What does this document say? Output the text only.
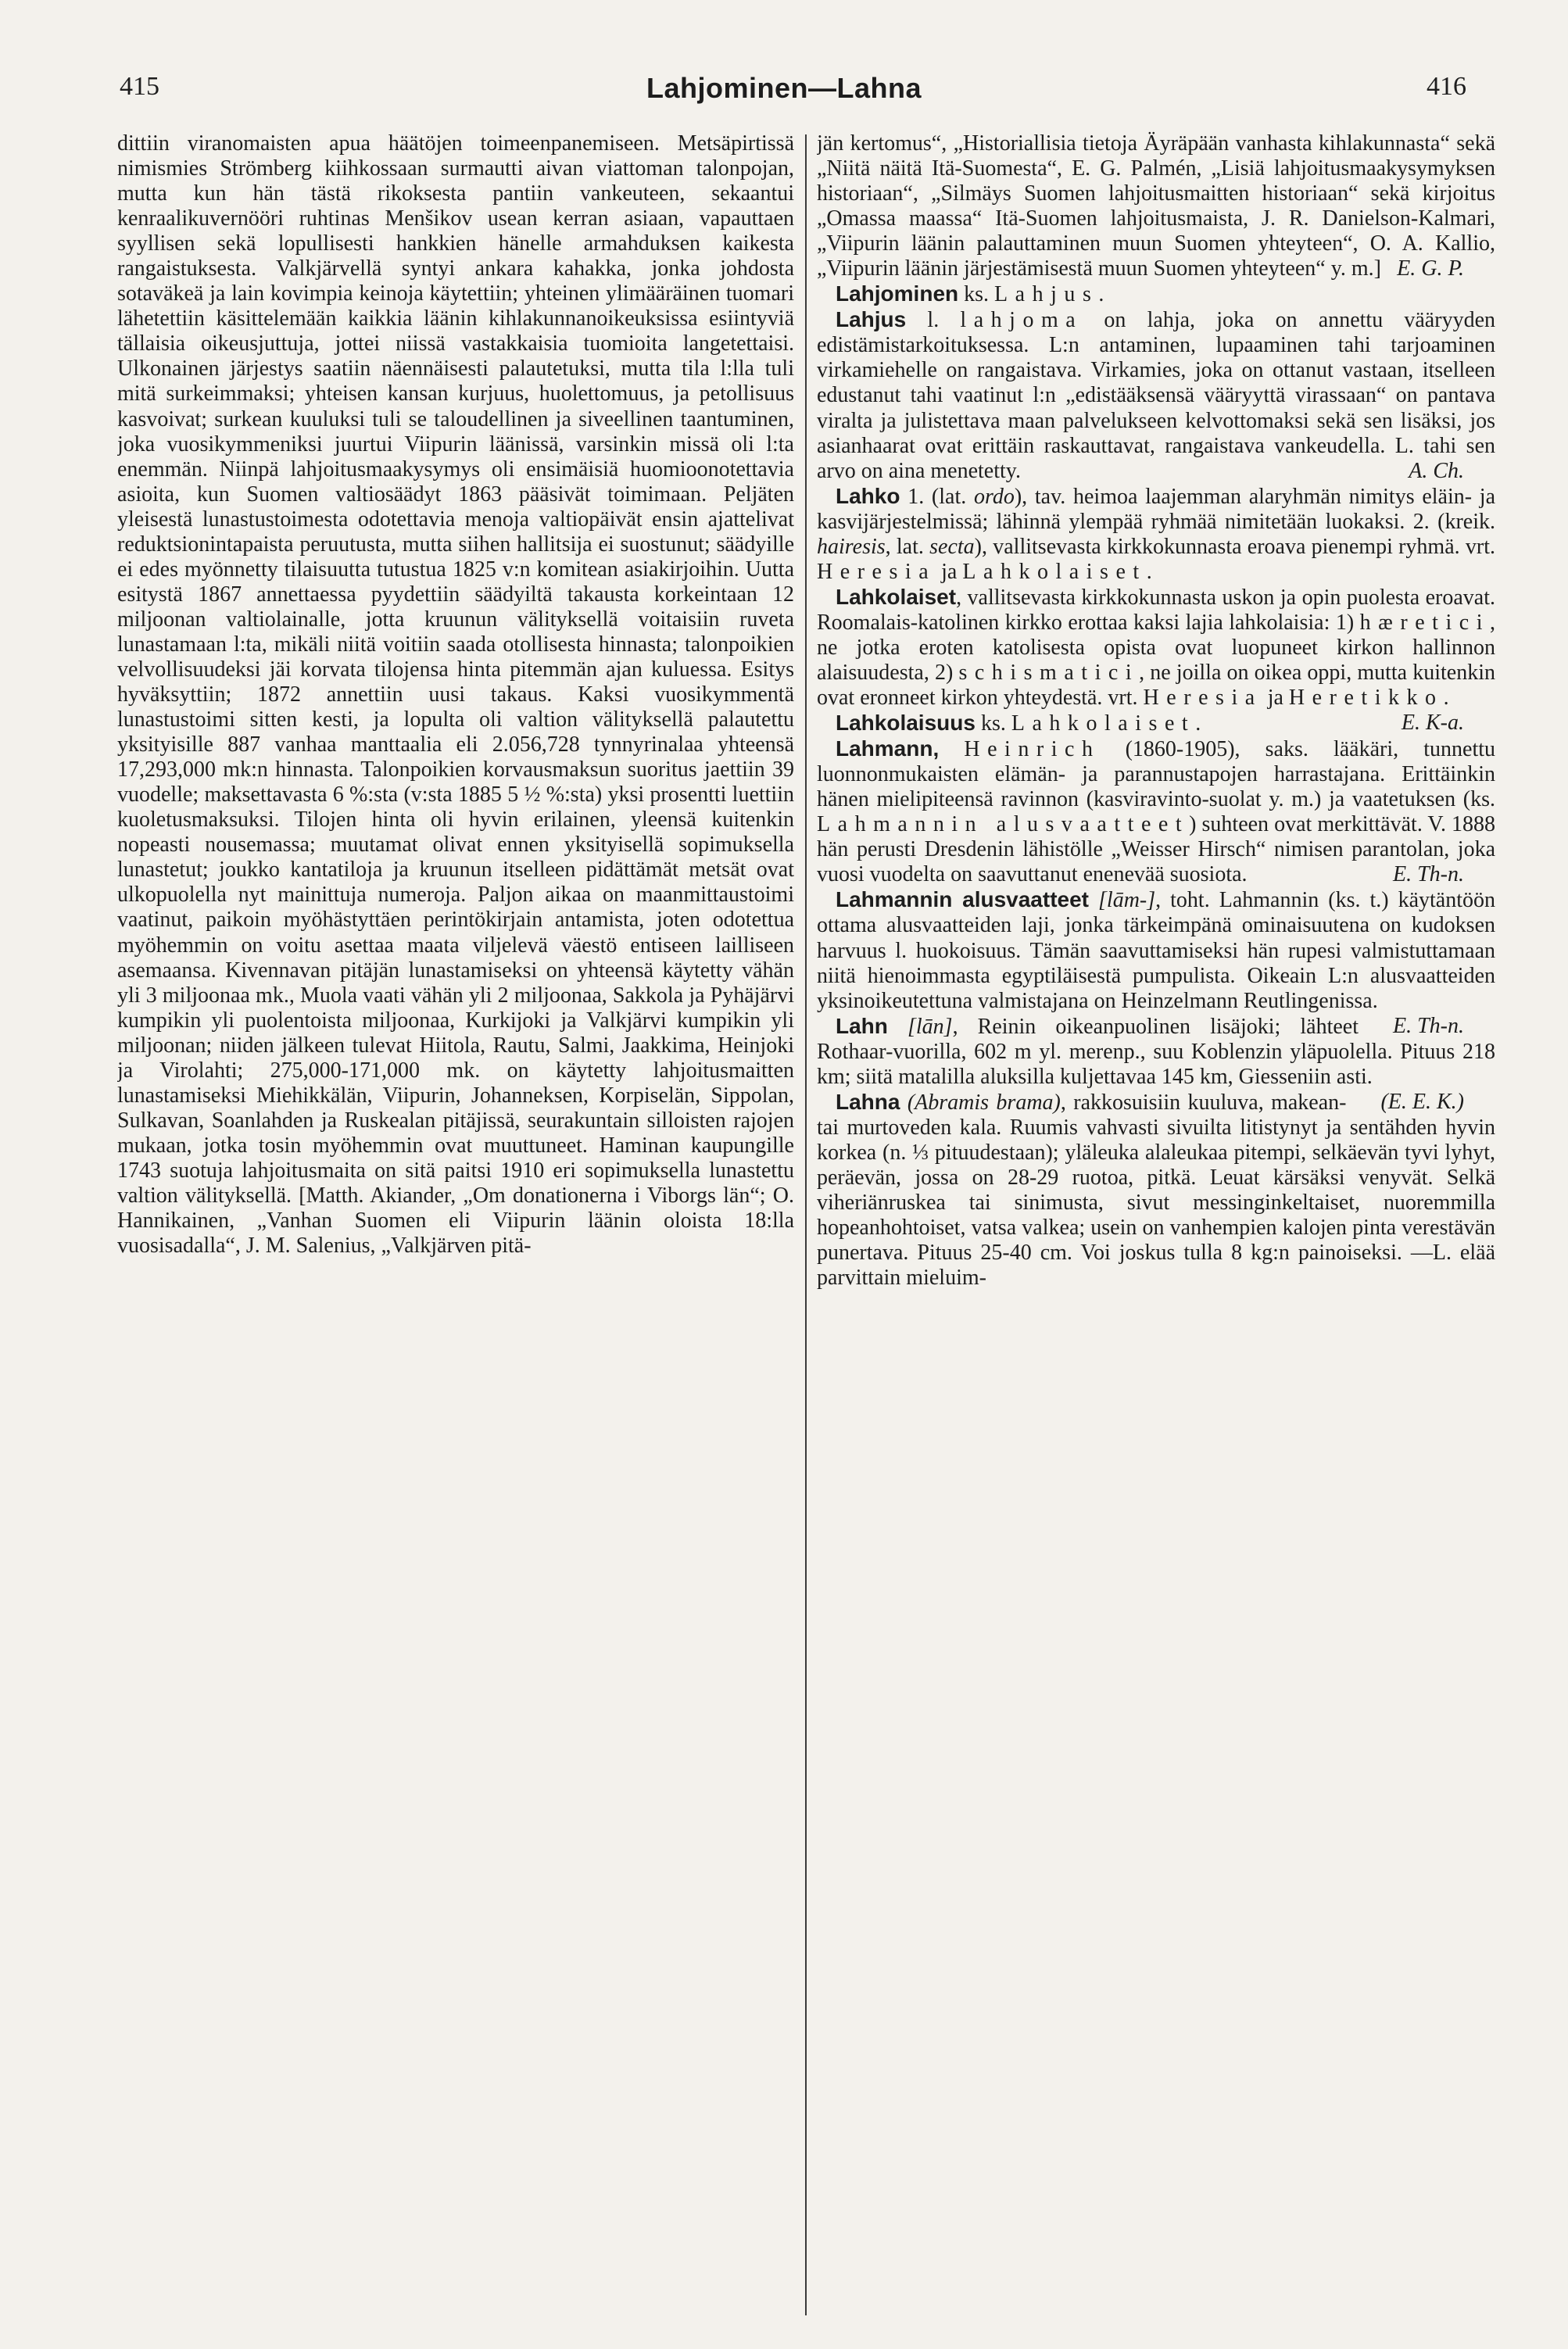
415	Lahjominen—Lahna	416

dittiin viranomaisten apua häätöjen toimeenpanemiseen. Metsäpirtissä nimismies Strömberg kiihkossaan surmautti aivan viattoman talonpojan, mutta kun hän tästä rikoksesta pantiin vankeuteen, sekaantui kenraalikuvernööri ruhtinas Menšikov usean kerran asiaan, vapauttaen syyllisen sekä lopullisesti hankkien hänelle armahduksen kaikesta rangaistuksesta. Valkjärvellä syntyi ankara kahakka, jonka johdosta sotaväkeä ja lain kovimpia keinoja käytettiin; yhteinen ylimääräinen tuomari lähetettiin käsittelemään kaikkia läänin kihlakunnanoikeuksissa esiintyviä tällaisia oikeusjuttuja, jottei niissä vastakkaisia tuomioita langetettaisi. Ulkonainen järjestys saatiin näennäisesti palautetuksi, mutta tila l:lla tuli mitä surkeimmaksi; yhteisen kansan kurjuus, huolettomuus, ja petollisuus kasvoivat; surkean kuuluksi tuli se taloudellinen ja siveellinen taantuminen, joka vuosikymmeniksi juurtui Viipurin läänissä, varsinkin missä oli l:ta enemmän. Niinpä lahjoitusmaakysymys oli ensimäisiä huomioonotettavia asioita, kun Suomen valtiosäädyt 1863 pääsivät toimimaan. Peljäten yleisestä lunastustoimesta odotettavia menoja valtiopäivät ensin ajattelivat reduktsionintapaista peruutusta, mutta siihen hallitsija ei suostunut; säädyille ei edes myönnetty tilaisuutta tutustua 1825 v:n komitean asiakirjoihin. Uutta esitystä 1867 annettaessa pyydettiin säädyiltä takausta korkeintaan 12 miljoonan valtiolainalle, jotta kruunun välityksellä voitaisiin ruveta lunastamaan l:ta, mikäli niitä voitiin saada otollisesta hinnasta; talonpoikien velvollisuudeksi jäi korvata tilojensa hinta pitemmän ajan kuluessa. Esitys hyväksyttiin; 1872 annettiin uusi takaus. Kaksi vuosikymmentä lunastustoimi sitten kesti, ja lopulta oli valtion välityksellä palautettu yksityisille 887 vanhaa manttaalia eli 2.056,728 tynnyrinalaa yhteensä 17,293,000 mk:n hinnasta. Talonpoikien korvausmaksun suoritus jaettiin 39 vuodelle; maksettavasta 6 %:sta (v:sta 1885 5 ½ %:sta) yksi prosentti luettiin kuoletusmaksuksi. Tilojen hinta oli hyvin erilainen, yleensä kuitenkin nopeasti nousemassa; muutamat olivat ennen yksityisellä sopimuksella lunastetut; joukko kantatiloja ja kruunun itselleen pidättämät metsät ovat ulkopuolella nyt mainittuja numeroja. Paljon aikaa on maanmittaustoimi vaatinut, paikoin myöhästyttäen perintökirjain antamista, joten odotettua myöhemmin on voitu asettaa maata viljelevä väestö entiseen lailliseen asemaansa. Kivennavan pitäjän lunastamiseksi on yhteensä käytetty vähän yli 3 miljoonaa mk., Muola vaati vähän yli 2 miljoonaa, Sakkola ja Pyhäjärvi kumpikin yli puolentoista miljoonaa, Kurkijoki ja Valkjärvi kumpikin yli miljoonan; niiden jälkeen tulevat Hiitola, Rautu, Salmi, Jaakkima, Heinjoki ja Virolahti; 275,000-171,000 mk. on käytetty lahjoitusmaitten lunastamiseksi Miehikkälän, Viipurin, Johanneksen, Korpiselän, Sippolan, Sulkavan, Soanlahden ja Ruskealan pitäjissä, seurakuntain silloisten rajojen mukaan, jotka tosin myöhemmin ovat muuttuneet. Haminan kaupungille 1743 suotuja lahjoitusmaita on sitä paitsi 1910 eri sopimuksella lunastettu valtion välityksellä. [Matth. Akiander, „Om donationerna i Viborgs län“; O. Hannikainen, „Vanhan Suomen eli Viipurin läänin oloista 18:lla vuosisadalla“, J. M. Salenius, „Valkjärven pitä-

jän kertomus“, „Historiallisia tietoja Äyräpään vanhasta kihlakunnasta“ sekä „Niitä näitä Itä-Suomesta“, E. G. Palmén, „Lisiä lahjoitusmaakysymyksen historiaan“, „Silmäys Suomen lahjoitusmaitten historiaan“ sekä kirjoitus „Omassa maassa“ Itä-Suomen lahjoitusmaista, J. R. Danielson-Kalmari, „Viipurin läänin palauttaminen muun Suomen yhteyteen“, O. A. Kallio, „Viipurin läänin järjestämisestä muun Suomen yhteyteen“ y. m.] E. G. P.

Lahjominen ks. Lahjus.

Lahjus l. lahjoma on lahja, joka on annettu vääryyden edistämistarkoituksessa. L:n antaminen, lupaaminen tahi tarjoaminen virkamiehelle on rangaistava. Virkamies, joka on ottanut vastaan, itselleen edustanut tahi vaatinut l:n „edistääksensä vääryyttä virassaan“ on pantava viralta ja julistettava maan palvelukseen kelvottomaksi sekä sen lisäksi, jos asianhaarat ovat erittäin raskauttavat, rangaistava vankeudella. L. tahi sen arvo on aina menetetty.	A. Ch.

Lahko 1. (lat. ordo), tav. heimoa laajemman alaryhmän nimitys eläin- ja kasvijärjestelmissä; lähinnä ylempää ryhmää nimitetään luokaksi. 2. (kreik. hairesis, lat. secta), vallitsevasta kirkkokunnasta eroava pienempi ryhmä. vrt. Heresia ja Lahkolaiset.

Lahkolaiset, vallitsevasta kirkkokunnasta uskon ja opin puolesta eroavat. Roomalais-katolinen kirkko erottaa kaksi lajia lahkolaisia: 1) hæretici, ne jotka eroten katolisesta opista ovat luopuneet kirkon hallinnon alaisuudesta, 2) schismatici, ne joilla on oikea oppi, mutta kuitenkin ovat eronneet kirkon yhteydestä. vrt. Heresia ja Heretikko.
E. K-a.

Lahkolaisuus ks. Lahkolaiset.

Lahmann, Heinrich (1860-1905), saks. lääkäri, tunnettu luonnonmukaisten elämän- ja parannustapojen harrastajana. Erittäinkin hänen mielipiteensä ravinnon (kasviravinto-suolat y. m.) ja vaatetuksen (ks. Lahmannin alusvaatteet) suhteen ovat merkittävät. V. 1888 hän perusti Dresdenin lähistölle „Weisser Hirsch“ nimisen parantolan, joka vuosi vuodelta on saavuttanut enenevää suosiota.	E. Th-n.

Lahmannin alusvaatteet [lām-], toht. Lahmannin (ks. t.) käytäntöön ottama alusvaatteiden laji, jonka tärkeimpänä ominaisuutena on kudoksen harvuus l. huokoisuus. Tämän saavuttamiseksi hän rupesi valmistuttamaan niitä hienoimmasta egyptiläisestä pumpulista. Oikeain L:n alusvaatteiden yksinoikeutettuna valmistajana on Heinzelmann Reutlingenissa.
E. Th-n.

Lahn [lān], Reinin oikeanpuolinen lisäjoki; lähteet Rothaar-vuorilla, 602 m yl. merenp., suu Koblenzin yläpuolella. Pituus 218 km; siitä matalilla aluksilla kuljettavaa 145 km, Giesseniin asti.
(E. E. K.)

Lahna (Abramis brama), rakkosuisiin kuuluva, makean- tai murtoveden kala. Ruumis vahvasti sivuilta litistynyt ja sentähden hyvin korkea (n. ⅓ pituudestaan); yläleuka alaleukaa pitempi, selkäevän tyvi lyhyt, peräevän, jossa on 28-29 ruotoa, pitkä. Leuat kärsäksi venyvät. Selkä viheriänruskea tai sinimusta, sivut messinginkeltaiset, nuoremmilla hopeanhohtoiset, vatsa valkea; usein on vanhempien kalojen pinta verestävän punertava. Pituus 25-40 cm. Voi joskus tulla 8 kg:n painoiseksi. —L. elää parvittain mieluim-
